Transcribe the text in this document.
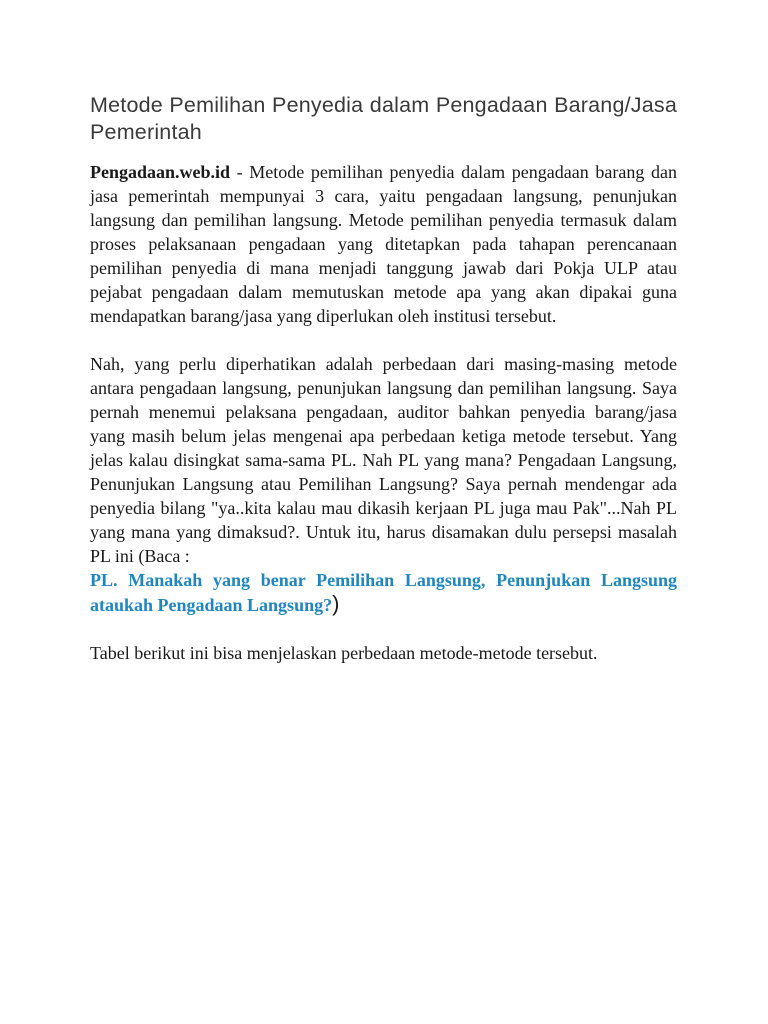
Metode Pemilihan Penyedia dalam Pengadaan Barang/Jasa Pemerintah

Pengadaan.web.id - Metode pemilihan penyedia dalam pengadaan barang dan jasa pemerintah mempunyai 3 cara, yaitu pengadaan langsung, penunjukan langsung dan pemilihan langsung. Metode pemilihan penyedia termasuk dalam proses pelaksanaan pengadaan yang ditetapkan pada tahapan perencanaan pemilihan penyedia di mana menjadi tanggung jawab dari Pokja ULP atau pejabat pengadaan dalam memutuskan metode apa yang akan dipakai guna mendapatkan barang/jasa yang diperlukan oleh institusi tersebut.

Nah, yang perlu diperhatikan adalah perbedaan dari masing-masing metode antara pengadaan langsung, penunjukan langsung dan pemilihan langsung. Saya pernah menemui pelaksana pengadaan, auditor bahkan penyedia barang/jasa yang masih belum jelas mengenai apa perbedaan ketiga metode tersebut. Yang jelas kalau disingkat sama-sama PL. Nah PL yang mana? Pengadaan Langsung, Penunjukan Langsung atau Pemilihan Langsung? Saya pernah mendengar ada penyedia bilang "ya..kita kalau mau dikasih kerjaan PL juga mau Pak"...Nah PL yang mana yang dimaksud?. Untuk itu, harus disamakan dulu persepsi masalah PL ini (Baca :

PL. Manakah yang benar Pemilihan Langsung, Penunjukan Langsung ataukah Pengadaan Langsung?)

Tabel berikut ini bisa menjelaskan perbedaan metode-metode tersebut.
